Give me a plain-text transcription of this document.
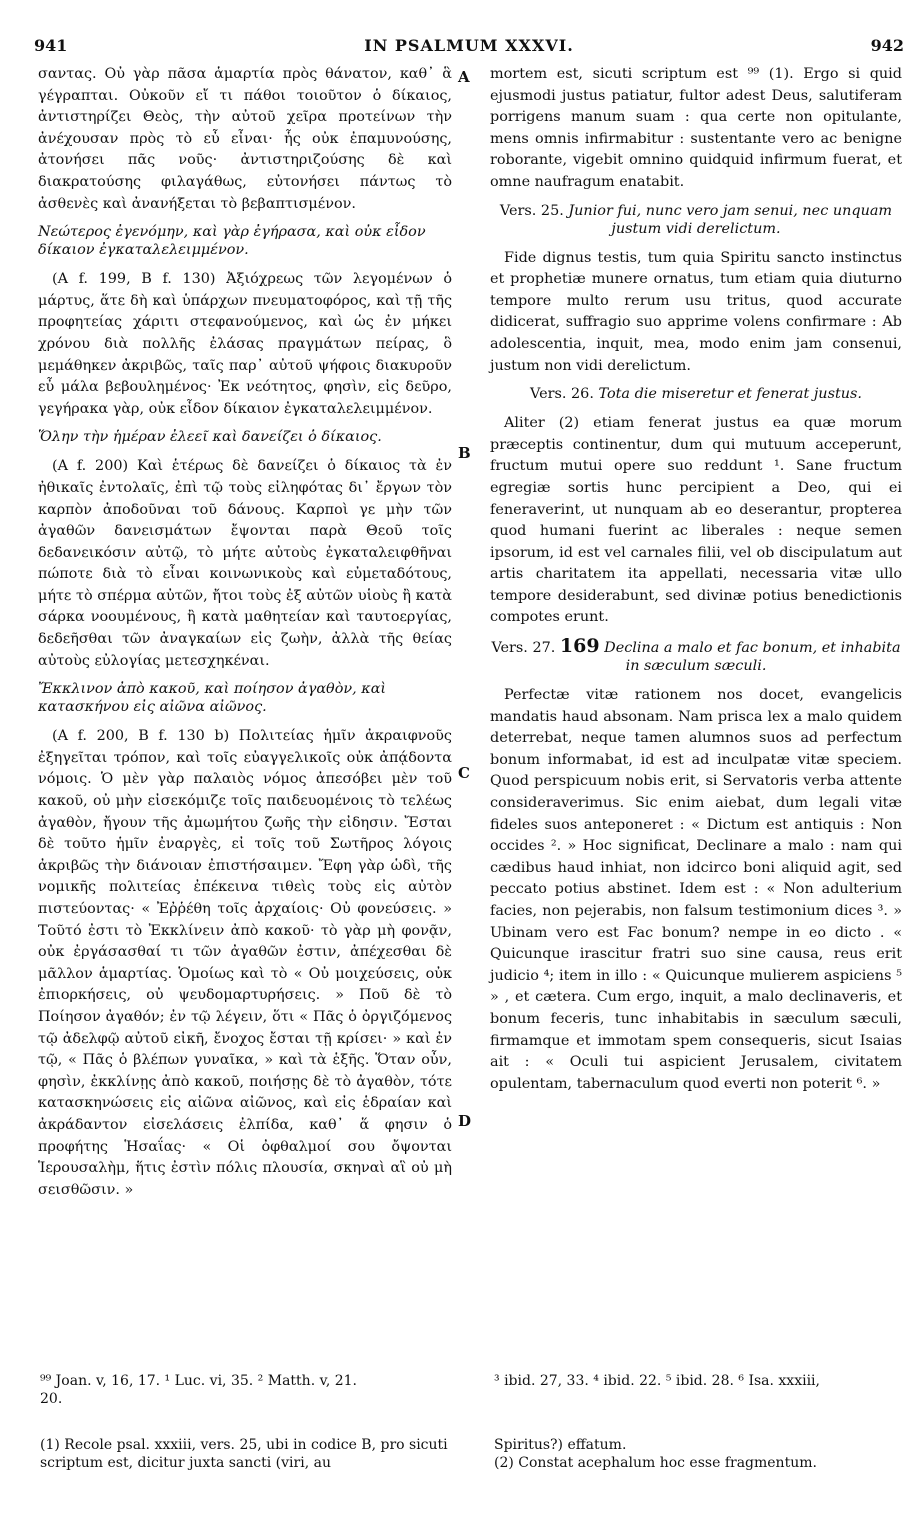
941	IN PSALMUM XXXVI.	942
A
B
C
D

σαντας. Οὐ γὰρ πᾶσα ἁμαρτία πρὸς θάνατον, καθ᾽ ἃ γέγραπται. Οὐκοῦν εἴ τι πάθοι τοιοῦτον ὁ δίκαιος, ἀντιστηρίζει Θεὸς, τὴν αὐτοῦ χεῖρα προτείνων τὴν ἀνέχουσαν πρὸς τὸ εὖ εἶναι· ἧς οὐκ ἐπαμυνούσης, ἀτονήσει πᾶς νοῦς· ἀντιστηριζούσης δὲ καὶ διακρατούσης φιλαγάθως, εὐτονήσει πάντως τὸ ἀσθενὲς καὶ ἀνανήξεται τὸ βεβαπτισμένον.

Νεώτερος ἐγενόμην, καὶ γὰρ ἐγήρασα, καὶ οὐκ εἶδον δίκαιον ἐγκαταλελειμμένον.

(A f. 199, B f. 130) Ἀξιόχρεως τῶν λεγομένων ὁ μάρτυς, ἅτε δὴ καὶ ὑπάρχων πνευματοφόρος, καὶ τῇ τῆς προφητείας χάριτι στεφανούμενος, καὶ ὡς ἐν μήκει χρόνου διὰ πολλῆς ἐλάσας πραγμάτων πείρας, ὃ μεμάθηκεν ἀκριβῶς, ταῖς παρ᾽ αὐτοῦ ψήφοις διακυροῦν εὖ μάλα βεβουλημένος· Ἐκ νεότητος, φησὶν, εἰς δεῦρο, γεγήρακα γὰρ, οὐκ εἶδον δίκαιον ἐγκαταλελειμμένον.

Ὅλην τὴν ἡμέραν ἐλεεῖ καὶ δανείζει ὁ δίκαιος.

(A f. 200) Καὶ ἑτέρως δὲ δανείζει ὁ δίκαιος τὰ ἐν ἠθικαῖς ἐντολαῖς, ἐπὶ τῷ τοὺς εἰληφότας δι᾽ ἔργων τὸν καρπὸν ἀποδοῦναι τοῦ δάνους. Καρποὶ γε μὴν τῶν ἀγαθῶν δανεισμάτων ἔψονται παρὰ Θεοῦ τοῖς δεδανεικόσιν αὐτῷ, τὸ μήτε αὐτοὺς ἐγκαταλειφθῆναι πώποτε διὰ τὸ εἶναι κοινωνικοὺς καὶ εὐμεταδότους, μήτε τὸ σπέρμα αὐτῶν, ἤτοι τοὺς ἐξ αὐτῶν υἱοὺς ἢ κατὰ σάρκα νοουμένους, ἢ κατὰ μαθητείαν καὶ ταυτοεργίας, δεδεῆσθαι τῶν ἀναγκαίων εἰς ζωὴν, ἀλλὰ τῆς θείας αὐτοὺς εὐλογίας μετεσχηκέναι.

Ἔκκλινον ἀπὸ κακοῦ, καὶ ποίησον ἀγαθὸν, καὶ κατασκήνου εἰς αἰῶνα αἰῶνος.

(A f. 200, B f. 130 b) Πολιτείας ἡμῖν ἀκραιφνοῦς ἐξηγεῖται τρόπον, καὶ τοῖς εὐαγγελικοῖς οὐκ ἀπᾴδοντα νόμοις. Ὁ μὲν γὰρ παλαιὸς νόμος ἀπεσόβει μὲν τοῦ κακοῦ, οὐ μὴν εἰσεκόμιζε τοῖς παιδευομένοις τὸ τελέως ἀγαθὸν, ἤγουν τῆς ἀμωμήτου ζωῆς τὴν εἰδησιν. Ἔσται δὲ τοῦτο ἡμῖν ἐναργὲς, εἰ τοῖς τοῦ Σωτῆρος λόγοις ἀκριβῶς τὴν διάνοιαν ἐπιστήσαιμεν. Ἔφη γὰρ ὡδὶ, τῆς νομικῆς πολιτείας ἐπέκεινα τιθεὶς τοὺς εἰς αὐτὸν πιστεύοντας· « Ἐῤῥέθη τοῖς ἀρχαίοις· Οὐ φονεύσεις. » Τοῦτό ἐστι τὸ Ἐκκλίνειν ἀπὸ κακοῦ· τὸ γὰρ μὴ φονᾷν, οὐκ ἐργάσασθαί τι τῶν ἀγαθῶν ἐστιν, ἀπέχεσθαι δὲ μᾶλλον ἁμαρτίας. Ὁμοίως καὶ τὸ « Οὐ μοιχεύσεις, οὐκ ἐπιορκήσεις, οὐ ψευδομαρτυρήσεις. » Ποῦ δὲ τὸ Ποίησον ἀγαθόν; ἐν τῷ λέγειν, ὅτι « Πᾶς ὁ ὀργιζόμενος τῷ ἀδελφῷ αὐτοῦ εἰκῆ, ἔνοχος ἔσται τῇ κρίσει· » καὶ ἐν τῷ, « Πᾶς ὁ βλέπων γυναῖκα, » καὶ τὰ ἑξῆς. Ὅταν οὖν, φησὶν, ἐκκλίνῃς ἀπὸ κακοῦ, ποιήσῃς δὲ τὸ ἀγαθὸν, τότε κατασκηνώσεις εἰς αἰῶνα αἰῶνος, καὶ εἰς ἑδραίαν καὶ ἀκράδαντον εἰσελάσεις ἐλπίδα, καθ᾽ ἅ φησιν ὁ προφήτης Ἡσαΐας· « Οἱ ὀφθαλμοί σου ὄψονται Ἱερουσαλὴμ, ἥτις ἐστὶν πόλις πλουσία, σκηναὶ αἳ οὐ μὴ σεισθῶσιν. »

mortem est, sicuti scriptum est ⁹⁹ (1). Ergo si quid ejusmodi justus patiatur, fultor adest Deus, salutiferam porrigens manum suam : qua certe non opitulante, mens omnis infirmabitur : sustentante vero ac benigne roborante, vigebit omnino quidquid infirmum fuerat, et omne naufragum enatabit.

Vers. 25. Junior fui, nunc vero jam senui, nec unquam justum vidi derelictum.

Fide dignus testis, tum quia Spiritu sancto instinctus et prophetiæ munere ornatus, tum etiam quia diuturno tempore multo rerum usu tritus, quod accurate didicerat, suffragio suo apprime volens confirmare : Ab adolescentia, inquit, mea, modo enim jam consenui, justum non vidi derelictum.

Vers. 26. Tota die miseretur et fenerat justus.

Aliter (2) etiam fenerat justus ea quæ morum præceptis continentur, dum qui mutuum acceperunt, fructum mutui opere suo reddunt ¹. Sane fructum egregiæ sortis hunc percipient a Deo, qui ei feneraverint, ut nunquam ab eo deserantur, propterea quod humani fuerint ac liberales : neque semen ipsorum, id est vel carnales filii, vel ob discipulatum aut artis charitatem ita appellati, necessaria vitæ ullo tempore desiderabunt, sed divinæ potius benedictionis compotes erunt.

Vers. 27. 169 Declina a malo et fac bonum, et inhabita in sæculum sæculi.

Perfectæ vitæ rationem nos docet, evangelicis mandatis haud absonam. Nam prisca lex a malo quidem deterrebat, neque tamen alumnos suos ad perfectum bonum informabat, id est ad inculpatæ vitæ speciem. Quod perspicuum nobis erit, si Servatoris verba attente consideraverimus. Sic enim aiebat, dum legali vitæ fideles suos anteponeret : « Dictum est antiquis : Non occides ². » Hoc significat, Declinare a malo : nam qui cædibus haud inhiat, non idcirco boni aliquid agit, sed peccato potius abstinet. Idem est : « Non adulterium facies, non pejerabis, non falsum testimonium dices ³. » Ubinam vero est Fac bonum? nempe in eo dicto . « Quicunque irascitur fratri suo sine causa, reus erit judicio ⁴; item in illo : « Quicunque mulierem aspiciens ⁵ » , et cætera. Cum ergo, inquit, a malo declinaveris, et bonum feceris, tunc inhabitabis in sæculum sæculi, firmamque et immotam spem consequeris, sicut Isaias ait : « Oculi tui aspicient Jerusalem, civitatem opulentam, tabernaculum quod everti non poterit ⁶. »

⁹⁹ Joan. v, 16, 17. ¹ Luc. vi, 35. ² Matth. v, 21.
20.
³ ibid. 27, 33. ⁴ ibid. 22. ⁵ ibid. 28. ⁶ Isa. xxxiii,
(1) Recole psal. xxxiii, vers. 25, ubi in codice B, pro sicuti scriptum est, dicitur juxta sancti (viri, au
Spiritus?) effatum.
(2) Constat acephalum hoc esse fragmentum.
